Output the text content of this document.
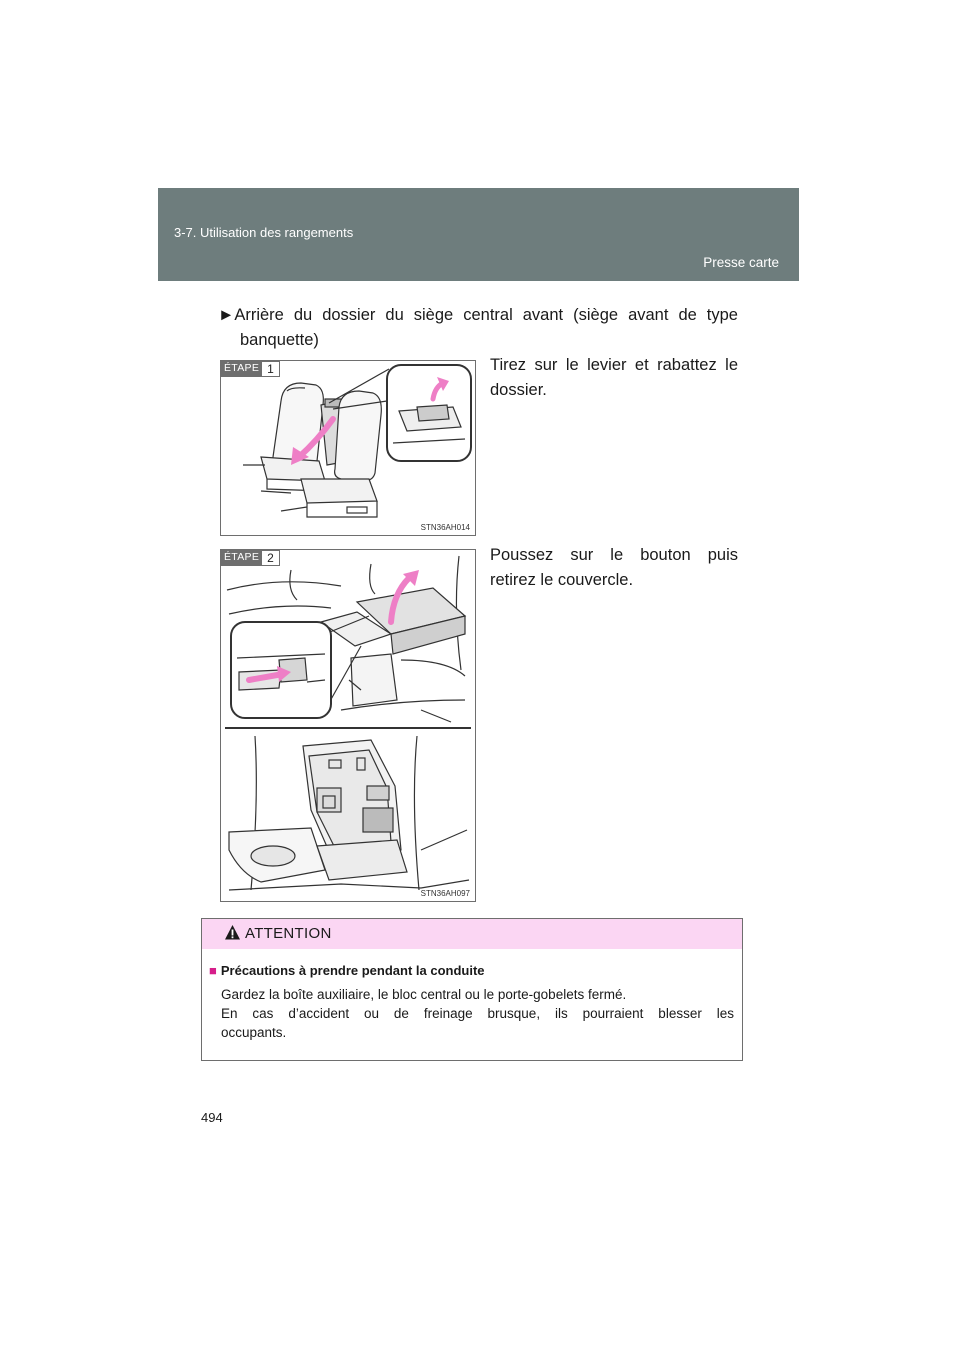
Presse carte
3-7. Utilisation des rangements
►Arrière du dossier du siège central avant (siège avant de type
banquette)
ÉTAPE 1
STN36AH014
Tirez sur le levier et rabattez le
dossier.
ÉTAPE 2
STN36AH097
Poussez sur le bouton puis
retirez le couvercle.
ATTENTION
■ Précautions à prendre pendant la conduite
Gardez la boîte auxiliaire, le bloc central ou le porte-gobelets fermé.
En cas d’accident ou de freinage brusque, ils pourraient blesser les
occupants.
494
